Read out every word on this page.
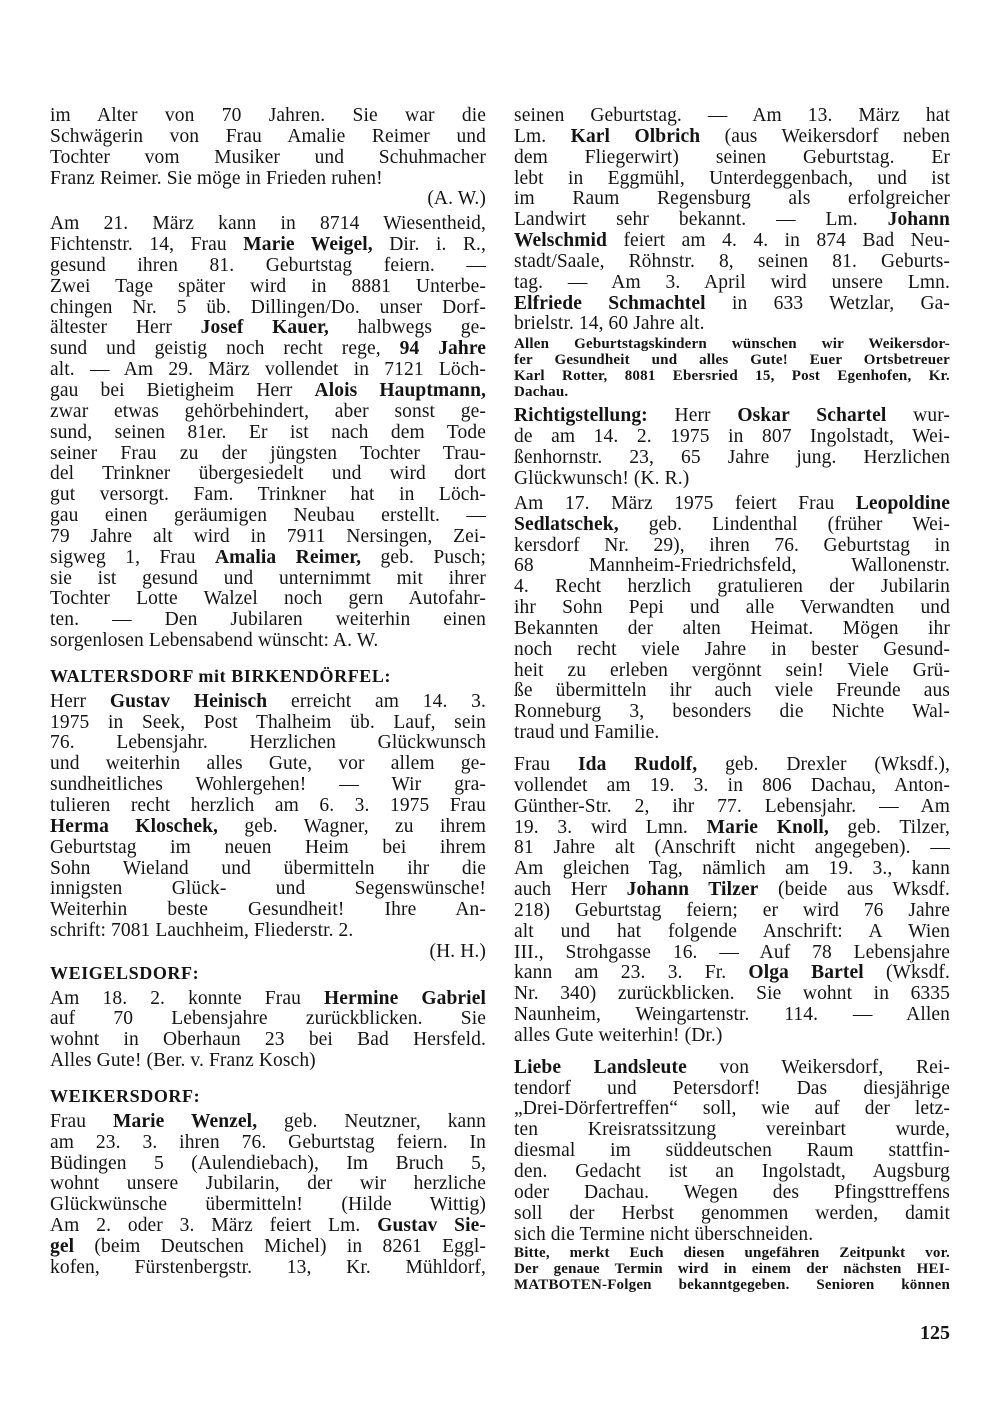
im Alter von 70 Jahren. Sie war die
Schwägerin von Frau Amalie Reimer und
Tochter vom Musiker und Schuhmacher
Franz Reimer. Sie möge in Frieden ruhen!
(A. W.)
Am 21. März kann in 8714 Wiesentheid,
Fichtenstr. 14, Frau Marie Weigel, Dir. i. R.,
gesund ihren 81. Geburtstag feiern. —
Zwei Tage später wird in 8881 Unterbe-
chingen Nr. 5 üb. Dillingen/Do. unser Dorf-
ältester Herr Josef Kauer, halbwegs ge-
sund und geistig noch recht rege, 94 Jahre
alt. — Am 29. März vollendet in 7121 Löch-
gau bei Bietigheim Herr Alois Hauptmann,
zwar etwas gehörbehindert, aber sonst ge-
sund, seinen 81er. Er ist nach dem Tode
seiner Frau zu der jüngsten Tochter Trau-
del Trinkner übergesiedelt und wird dort
gut versorgt. Fam. Trinkner hat in Löch-
gau einen geräumigen Neubau erstellt. —
79 Jahre alt wird in 7911 Nersingen, Zei-
sigweg 1, Frau Amalia Reimer, geb. Pusch;
sie ist gesund und unternimmt mit ihrer
Tochter Lotte Walzel noch gern Autofahr-
ten. — Den Jubilaren weiterhin einen
sorgenlosen Lebensabend wünscht: A. W.
WALTERSDORF mit BIRKENDÖRFEL:
Herr Gustav Heinisch erreicht am 14. 3.
1975 in Seek, Post Thalheim üb. Lauf, sein
76. Lebensjahr. Herzlichen Glückwunsch
und weiterhin alles Gute, vor allem ge-
sundheitliches Wohlergehen! — Wir gra-
tulieren recht herzlich am 6. 3. 1975 Frau
Herma Kloschek, geb. Wagner, zu ihrem
Geburtstag im neuen Heim bei ihrem
Sohn Wieland und übermitteln ihr die
innigsten Glück- und Segenswünsche!
Weiterhin beste Gesundheit! Ihre An-
schrift: 7081 Lauchheim, Fliederstr. 2.
(H. H.)
WEIGELSDORF:
Am 18. 2. konnte Frau Hermine Gabriel
auf 70 Lebensjahre zurückblicken. Sie
wohnt in Oberhaun 23 bei Bad Hersfeld.
Alles Gute! (Ber. v. Franz Kosch)
WEIKERSDORF:
Frau Marie Wenzel, geb. Neutzner, kann
am 23. 3. ihren 76. Geburtstag feiern. In
Büdingen 5 (Aulendiebach), Im Bruch 5,
wohnt unsere Jubilarin, der wir herzliche
Glückwünsche übermitteln! (Hilde Wittig)
Am 2. oder 3. März feiert Lm. Gustav Sie-
gel (beim Deutschen Michel) in 8261 Eggl-
kofen, Fürstenbergstr. 13, Kr. Mühldorf,
seinen Geburtstag. — Am 13. März hat
Lm. Karl Olbrich (aus Weikersdorf neben
dem Fliegerwirt) seinen Geburtstag. Er
lebt in Eggmühl, Unterdeggenbach, und ist
im Raum Regensburg als erfolgreicher
Landwirt sehr bekannt. — Lm. Johann
Welschmid feiert am 4. 4. in 874 Bad Neu-
stadt/Saale, Röhnstr. 8, seinen 81. Geburts-
tag. — Am 3. April wird unsere Lmn.
Elfriede Schmachtel in 633 Wetzlar, Ga-
brielstr. 14, 60 Jahre alt.
Allen Geburtstagskindern wünschen wir Weikersdor-
fer Gesundheit und alles Gute! Euer Ortsbetreuer
Karl Rotter, 8081 Ebersried 15, Post Egenhofen, Kr.
Dachau.
Richtigstellung: Herr Oskar Schartel wur-
de am 14. 2. 1975 in 807 Ingolstadt, Wei-
ßenhornstr. 23, 65 Jahre jung. Herzlichen
Glückwunsch! (K. R.)
Am 17. März 1975 feiert Frau Leopoldine
Sedlatschek, geb. Lindenthal (früher Wei-
kersdorf Nr. 29), ihren 76. Geburtstag in
68 Mannheim-Friedrichsfeld, Wallonenstr.
4. Recht herzlich gratulieren der Jubilarin
ihr Sohn Pepi und alle Verwandten und
Bekannten der alten Heimat. Mögen ihr
noch recht viele Jahre in bester Gesund-
heit zu erleben vergönnt sein! Viele Grü-
ße übermitteln ihr auch viele Freunde aus
Ronneburg 3, besonders die Nichte Wal-
traud und Familie.
Frau Ida Rudolf, geb. Drexler (Wksdf.),
vollendet am 19. 3. in 806 Dachau, Anton-
Günther-Str. 2, ihr 77. Lebensjahr. — Am
19. 3. wird Lmn. Marie Knoll, geb. Tilzer,
81 Jahre alt (Anschrift nicht angegeben). —
Am gleichen Tag, nämlich am 19. 3., kann
auch Herr Johann Tilzer (beide aus Wksdf.
218) Geburtstag feiern; er wird 76 Jahre
alt und hat folgende Anschrift: A Wien
III., Strohgasse 16. — Auf 78 Lebensjahre
kann am 23. 3. Fr. Olga Bartel (Wksdf.
Nr. 340) zurückblicken. Sie wohnt in 6335
Naunheim, Weingartenstr. 114. — Allen
alles Gute weiterhin! (Dr.)
Liebe Landsleute von Weikersdorf, Rei-
tendorf und Petersdorf! Das diesjährige
„Drei-Dörfertreffen“ soll, wie auf der letz-
ten Kreisratssitzung vereinbart wurde,
diesmal im süddeutschen Raum stattfin-
den. Gedacht ist an Ingolstadt, Augsburg
oder Dachau. Wegen des Pfingsttreffens
soll der Herbst genommen werden, damit
sich die Termine nicht überschneiden.
Bitte, merkt Euch diesen ungefähren Zeitpunkt vor.
Der genaue Termin wird in einem der nächsten HEI-
MATBOTEN-Folgen bekanntgegeben. Senioren können
125
